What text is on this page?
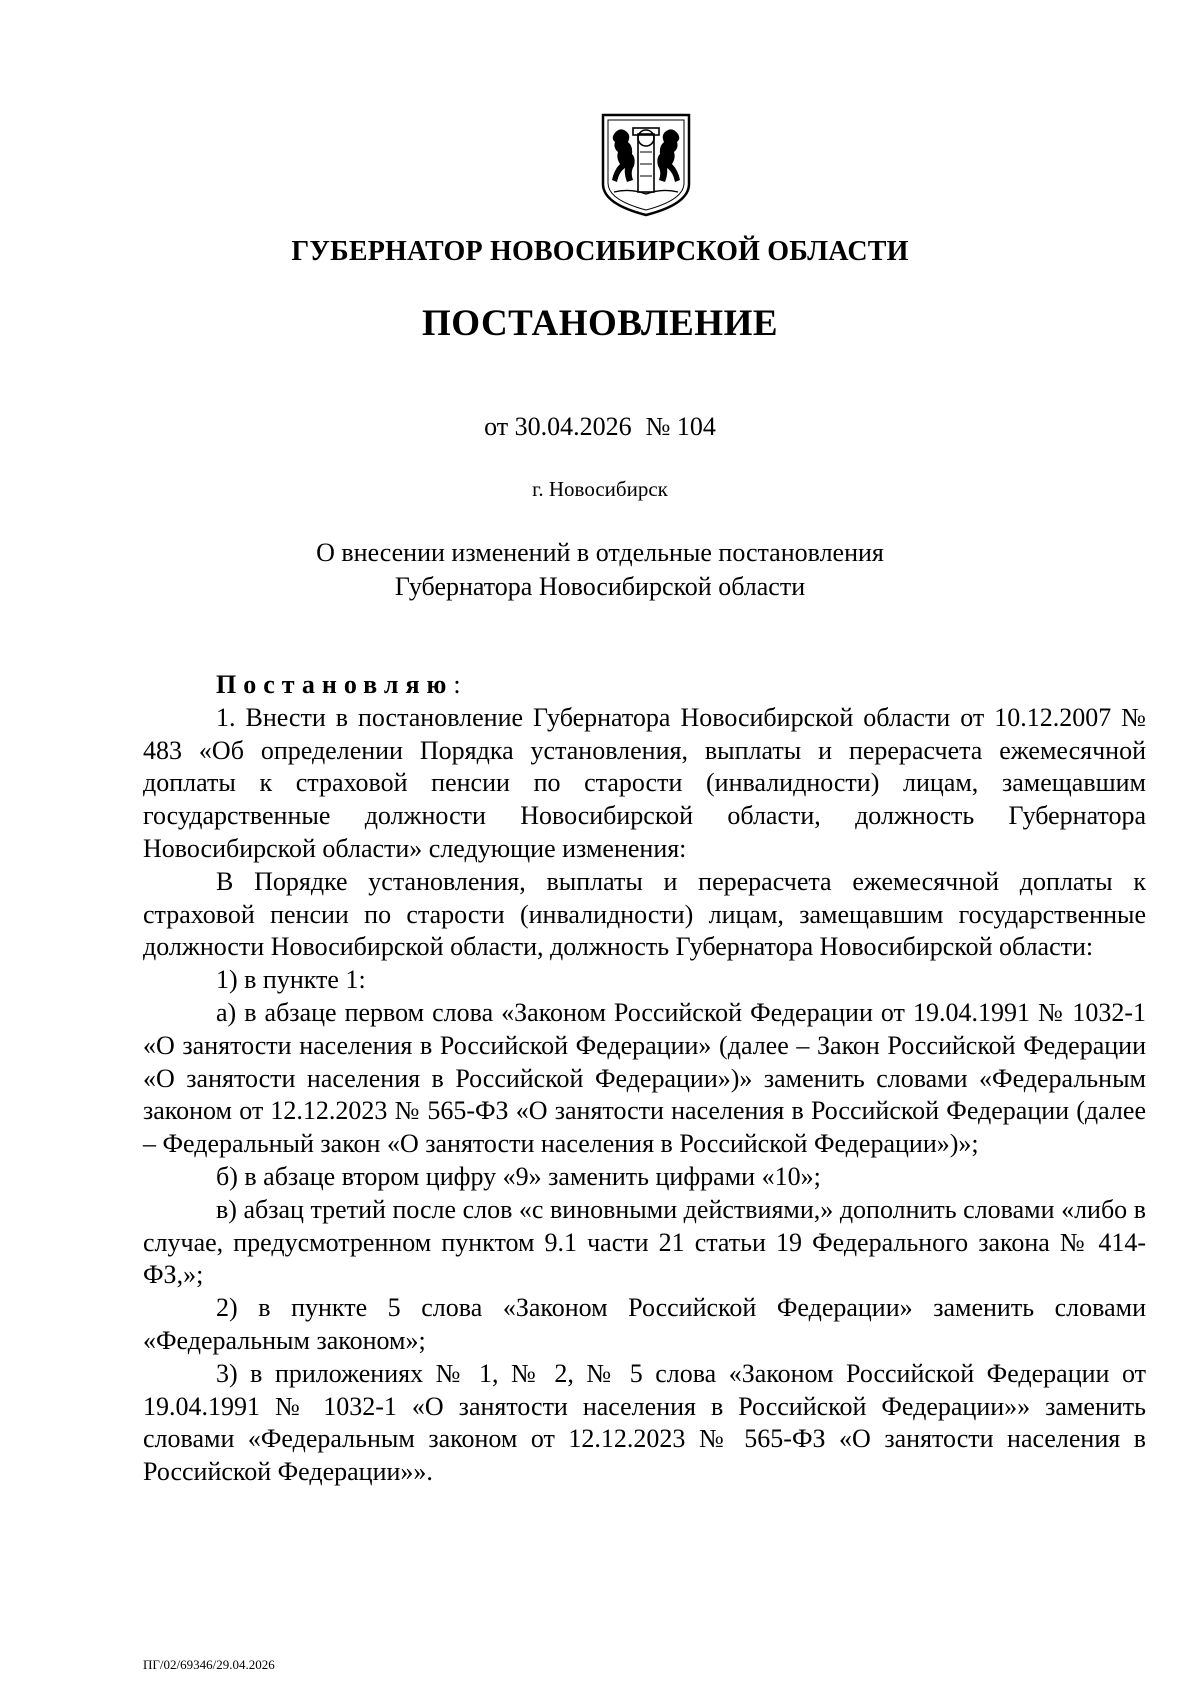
ГУБЕРНАТОР НОВОСИБИРСКОЙ ОБЛАСТИ
ПОСТАНОВЛЕНИЕ
от 30.04.2026 № 104
г. Новосибирск
О внесении изменений в отдельные постановления
Губернатора Новосибирской области

Постановляю:

1. Внести в постановление Губернатора Новосибирской области от 10.12.2007 № 483 «Об определении Порядка установления, выплаты и перерасчета ежемесячной доплаты к страховой пенсии по старости (инвалидности) лицам, замещавшим государственные должности Новосибирской области, должность Губернатора Новосибирской области» следующие изменения:

В Порядке установления, выплаты и перерасчета ежемесячной доплаты к страховой пенсии по старости (инвалидности) лицам, замещавшим государственные должности Новосибирской области, должность Губернатора Новосибирской области:

1) в пункте 1:

а) в абзаце первом слова «Законом Российской Федерации от 19.04.1991 № 1032-1 «О занятости населения в Российской Федерации» (далее – Закон Российской Федерации «О занятости населения в Российской Федерации»)» заменить словами «Федеральным законом от 12.12.2023 № 565-ФЗ «О занятости населения в Российской Федерации (далее – Федеральный закон «О занятости населения в Российской Федерации»)»;

б) в абзаце втором цифру «9» заменить цифрами «10»;

в) абзац третий после слов «с виновными действиями,» дополнить словами «либо в случае, предусмотренном пунктом 9.1 части 21 статьи 19 Федерального закона № 414-ФЗ,»;

2) в пункте 5 слова «Законом Российской Федерации» заменить словами «Федеральным законом»;

3) в приложениях № 1, № 2, № 5 слова «Законом Российской Федерации от 19.04.1991 № 1032-1 «О занятости населения в Российской Федерации»» заменить словами «Федеральным законом от 12.12.2023 № 565-ФЗ «О занятости населения в Российской Федерации»».

ПГ/02/69346/29.04.2026
